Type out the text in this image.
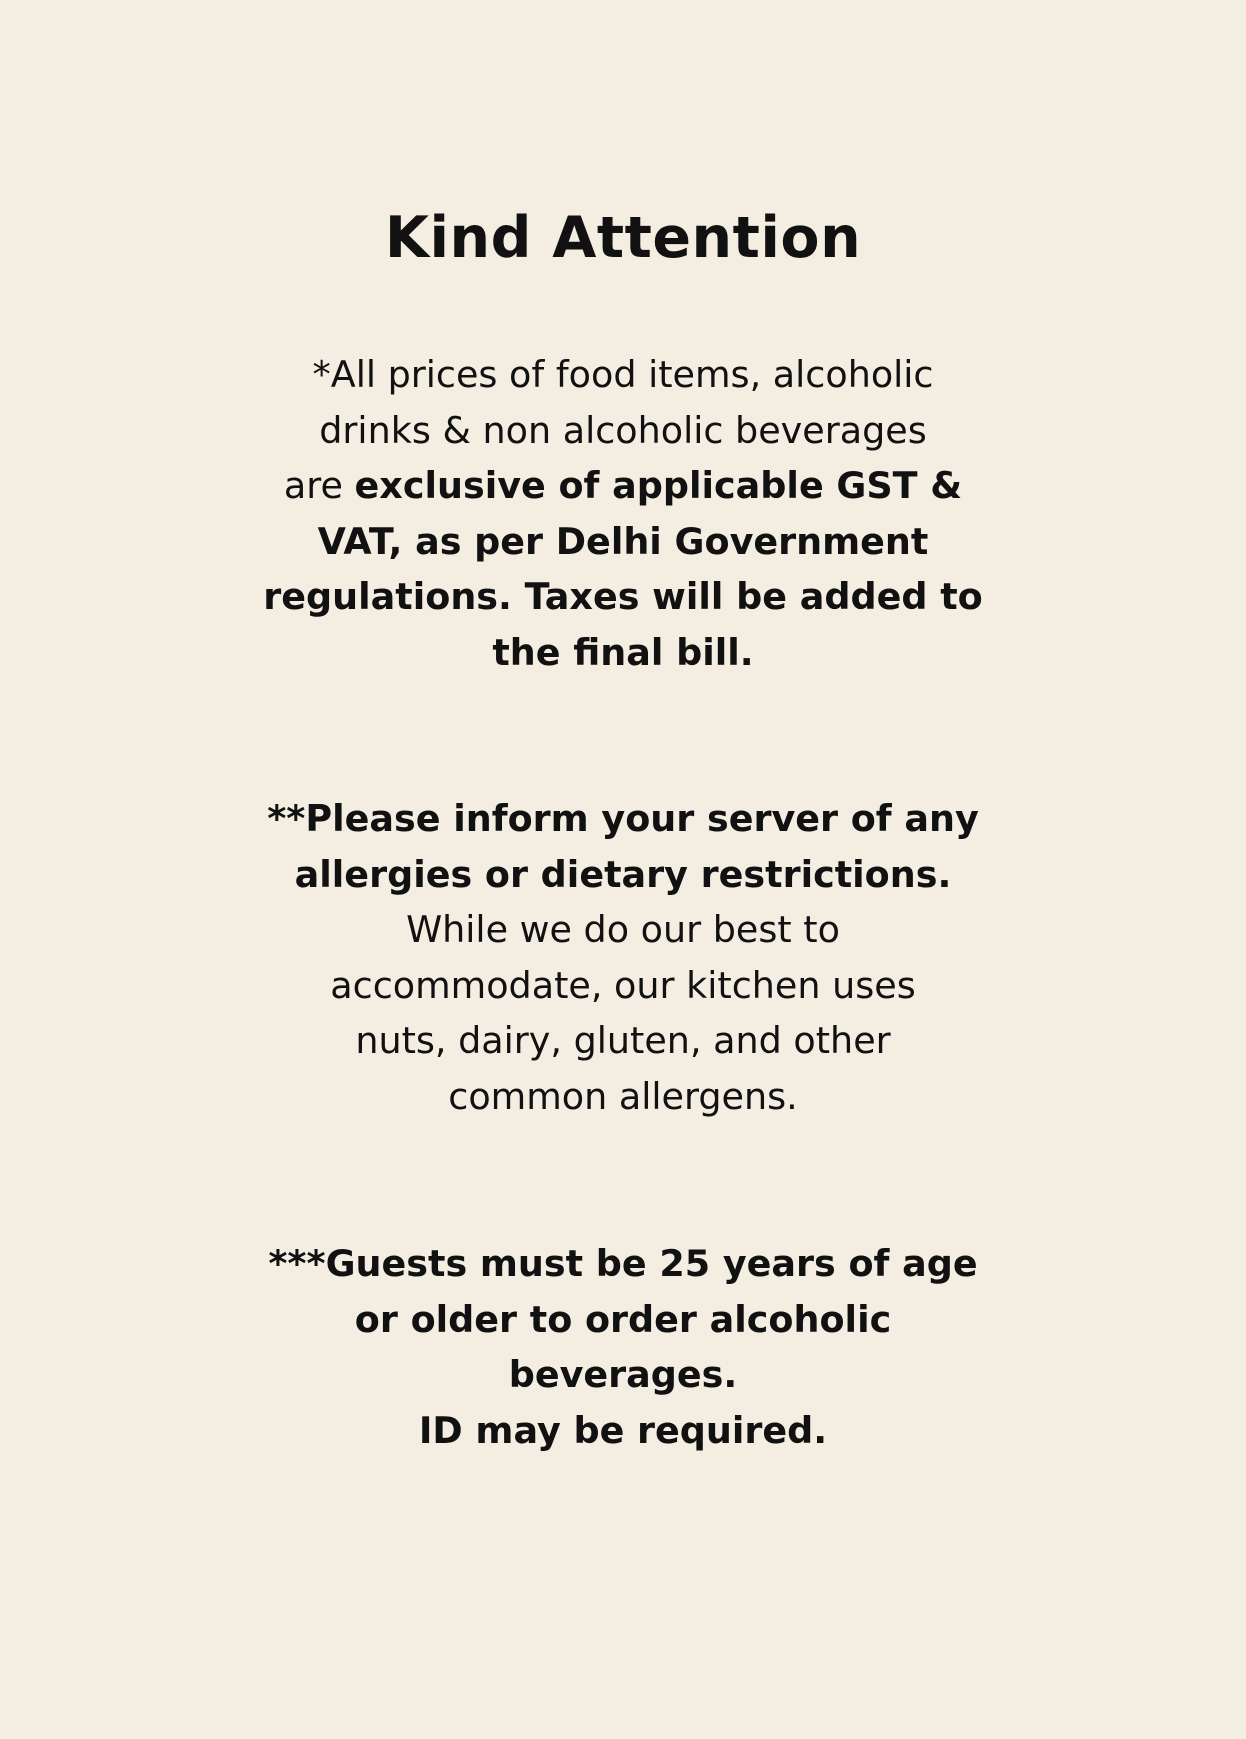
Kind Attention

*All prices of food items, alcoholic
drinks & non alcoholic beverages
are exclusive of applicable GST &
VAT, as per Delhi Government
regulations. Taxes will be added to
the final bill.

**Please inform your server of any
allergies or dietary restrictions.
While we do our best to
accommodate, our kitchen uses
nuts, dairy, gluten, and other
common allergens.

***Guests must be 25 years of age
or older to order alcoholic
beverages.
ID may be required.
